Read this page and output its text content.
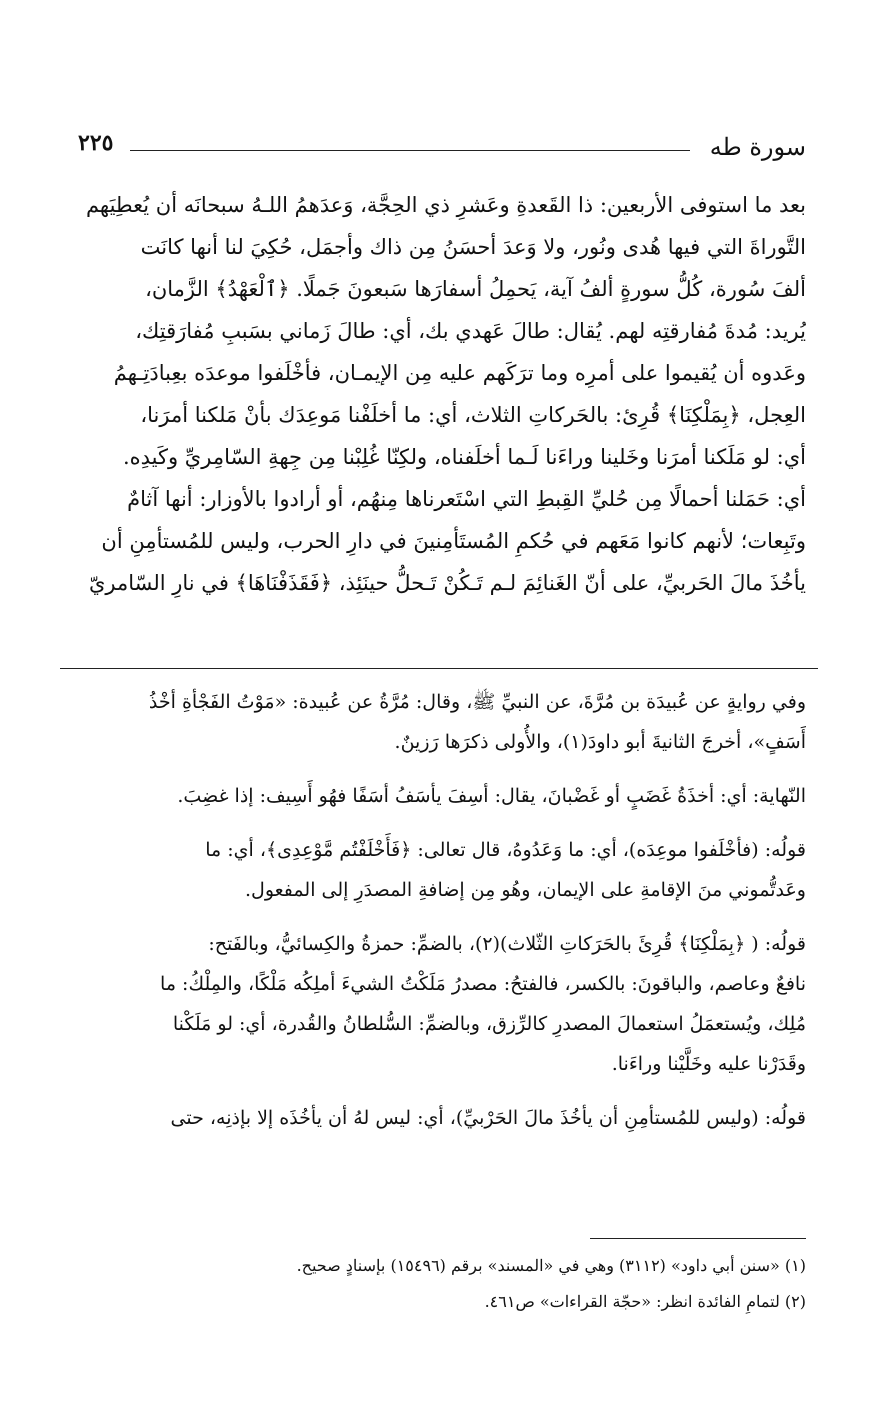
٢٢٥	سورة طه
بعد ما استوفى الأربعين: ذا القَعدةِ وعَشرِ ذي الحِجَّة، وَعدَهمُ اللـهُ سبحانَه أن يُعطِيَهم
التَّوراةَ التي فيها هُدى ونُور، ولا وَعدَ أحسَنُ مِن ذاك وأجمَل، حُكِيَ لنا أنها كانَت
ألفَ سُورة، كُلُّ سورةٍ ألفُ آية، يَحمِلُ أسفارَها سَبعونَ جَملًا. ﴿ٱلْعَهْدُ﴾ الزَّمان،
يُريد: مُدةَ مُفارقتِه لهم. يُقال: طالَ عَهدي بك، أي: طالَ زَماني بسَببِ مُفارَقتِك،
وعَدوه أن يُقيموا على أمرِه وما ترَكَهم عليه مِن الإيمـان، فأخْلَفوا موعدَه بعِبادَتِـهمُ
العِجل، ﴿بِمَلْكِنَا﴾ قُرِئ: بالحَركاتِ الثلاث، أي: ما أخلَفْنا مَوعِدَك بأنْ مَلكنا أمرَنا،
أي: لو مَلَكنا أمرَنا وخَلينا وراءَنا لَـما أخلَفناه، ولكِنّا غُلِبْنا مِن جِهةِ السّامِريِّ وكَيدِه.
أي: حَمَلنا أحمالًا مِن حُليِّ القِبطِ التي اسْتَعرناها مِنهُم، أو أرادوا بالأوزار: أنها آثامٌ
وتَبِعات؛ لأنهم كانوا مَعَهم في حُكمِ المُستَأمِنينَ في دارِ الحرب، وليس للمُستأمِنِ أن
يأخُذَ مالَ الحَربيِّ، على أنّ الغَنائِمَ لـم تَـكُنْ تَـحلُّ حينَئِذ، ﴿فَقَذَفْنَاهَا﴾ في نارِ السّامريّ
وفي روايةٍ عن عُبيدَة بن مُرَّةَ، عن النبيِّ ﷺ، وقال: مُرَّةُ عن عُبيدة: «مَوْتُ الفَجْأةِ أخْذُ
أَسَفٍ»، أخرجَ الثانيةَ أبو داودَ(١)، والأُولى ذكرَها رَزينٌ.
النّهاية: أي: أخذَةُ غَضَبٍ أو غَضْبانَ، يقال: أسِفَ يأسَفُ أسَفًا فهُو أَسِيف: إذا غضِبَ.
قولُه: (فأخْلَفوا موعِدَه)، أي: ما وَعَدُوهُ، قال تعالى: ﴿فَأَخْلَفْتُم مَّوْعِدِى﴾، أي: ما
وعَدتُّموني منَ الإقامةِ على الإيمان، وهُو مِن إضافةِ المصدَرِ إلى المفعول.
قولُه: ( ﴿بِمَلْكِنَا﴾ قُرِئَ بالحَرَكاتِ الثّلاث)(٢)، بالضمِّ: حمزةُ والكِسائيُّ، وبالفَتح:
نافعٌ وعاصم، والباقونَ: بالكسر، فالفتحُ: مصدرُ مَلَكْتُ الشيءَ أملِكُه مَلْكًا، والمِلْكُ: ما
مُلِك، ويُستعمَلُ استعمالَ المصدرِ كالرِّزق، وبالضمِّ: السُّلطانُ والقُدرة، أي: لو مَلَكْنا
وقَدَرْنا عليه وخَلَّيْنا وراءَنا.
قولُه: (وليس للمُستأمِنِ أن يأخُذَ مالَ الحَرْبيِّ)، أي: ليس لهُ أن يأخُذَه إلا بإذنِه، حتى
(١) «سنن أبي داود» (٣١١٢) وهي في «المسند» برقم (١٥٤٩٦) بإسنادٍ صحيح.
(٢) لتمامِ الفائدة انظر: «حجّة القراءات» ص٤٦١.
